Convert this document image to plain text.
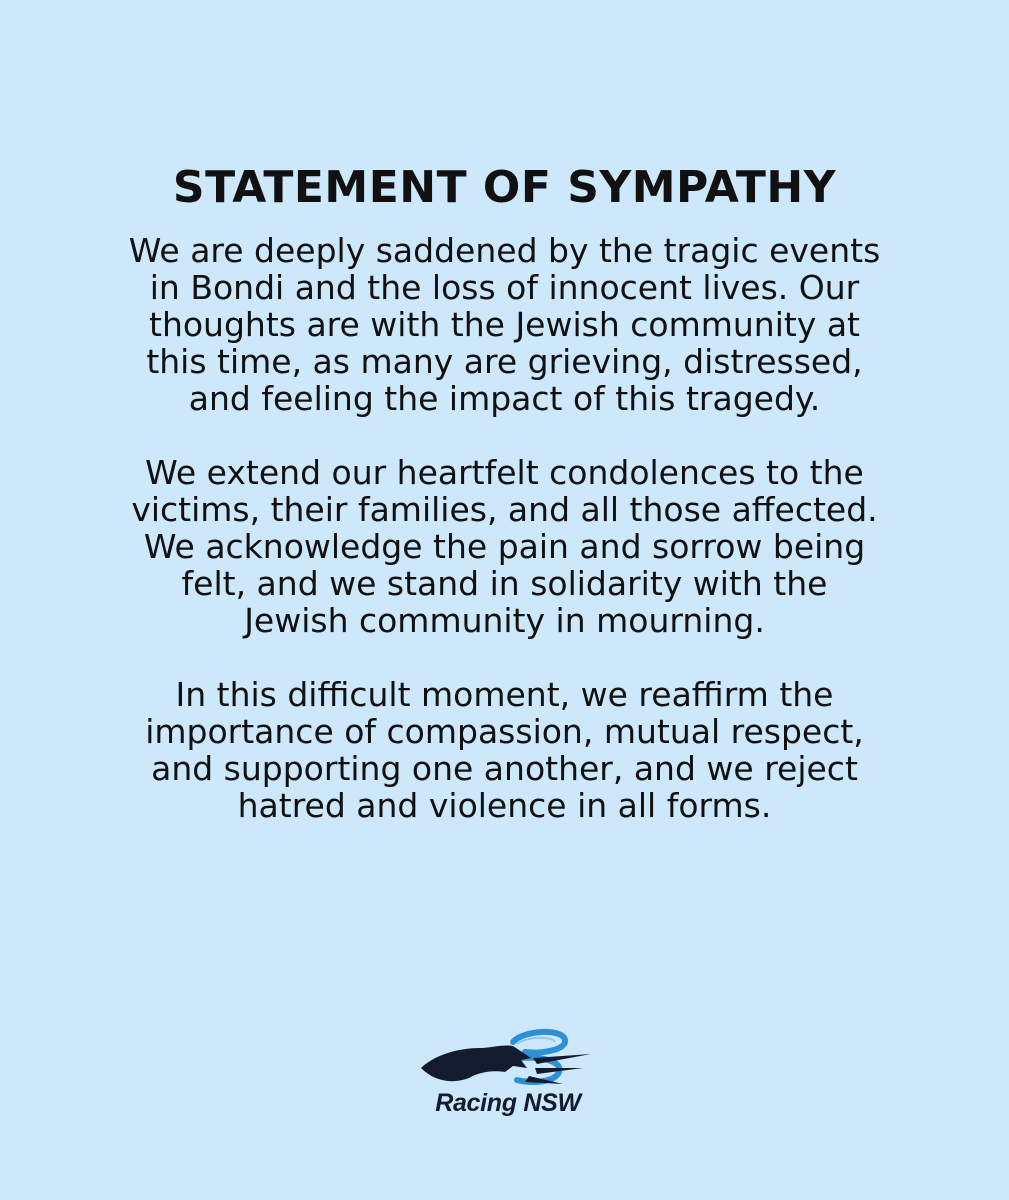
STATEMENT OF SYMPATHY

We are deeply saddened by the tragic events in Bondi and the loss of innocent lives. Our thoughts are with the Jewish community at this time, as many are grieving, distressed, and feeling the impact of this tragedy.

We extend our heartfelt condolences to the victims, their families, and all those affected. We acknowledge the pain and sorrow being felt, and we stand in solidarity with the Jewish community in mourning.

In this difficult moment, we reaffirm the importance of compassion, mutual respect, and supporting one another, and we reject hatred and violence in all forms.

Racing NSW
